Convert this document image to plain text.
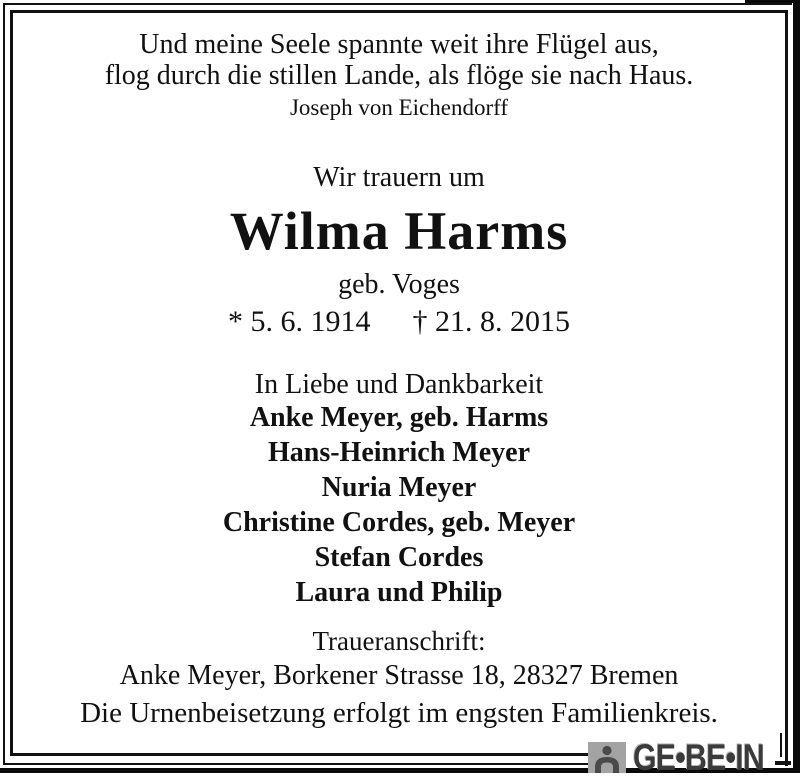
Und meine Seele spannte weit ihre Flügel aus,
flog durch die stillen Lande, als flöge sie nach Haus.
Joseph von Eichendorff
Wir trauern um
Wilma Harms
geb. Voges
* 5. 6. 1914 † 21. 8. 2015
In Liebe und Dankbarkeit
Anke Meyer, geb. Harms
Hans-Heinrich Meyer
Nuria Meyer
Christine Cordes, geb. Meyer
Stefan Cordes
Laura und Philip
Traueranschrift:
Anke Meyer, Borkener Strasse 18, 28327 Bremen
Die Urnenbeisetzung erfolgt im engsten Familienkreis.
GE•BE•IN
